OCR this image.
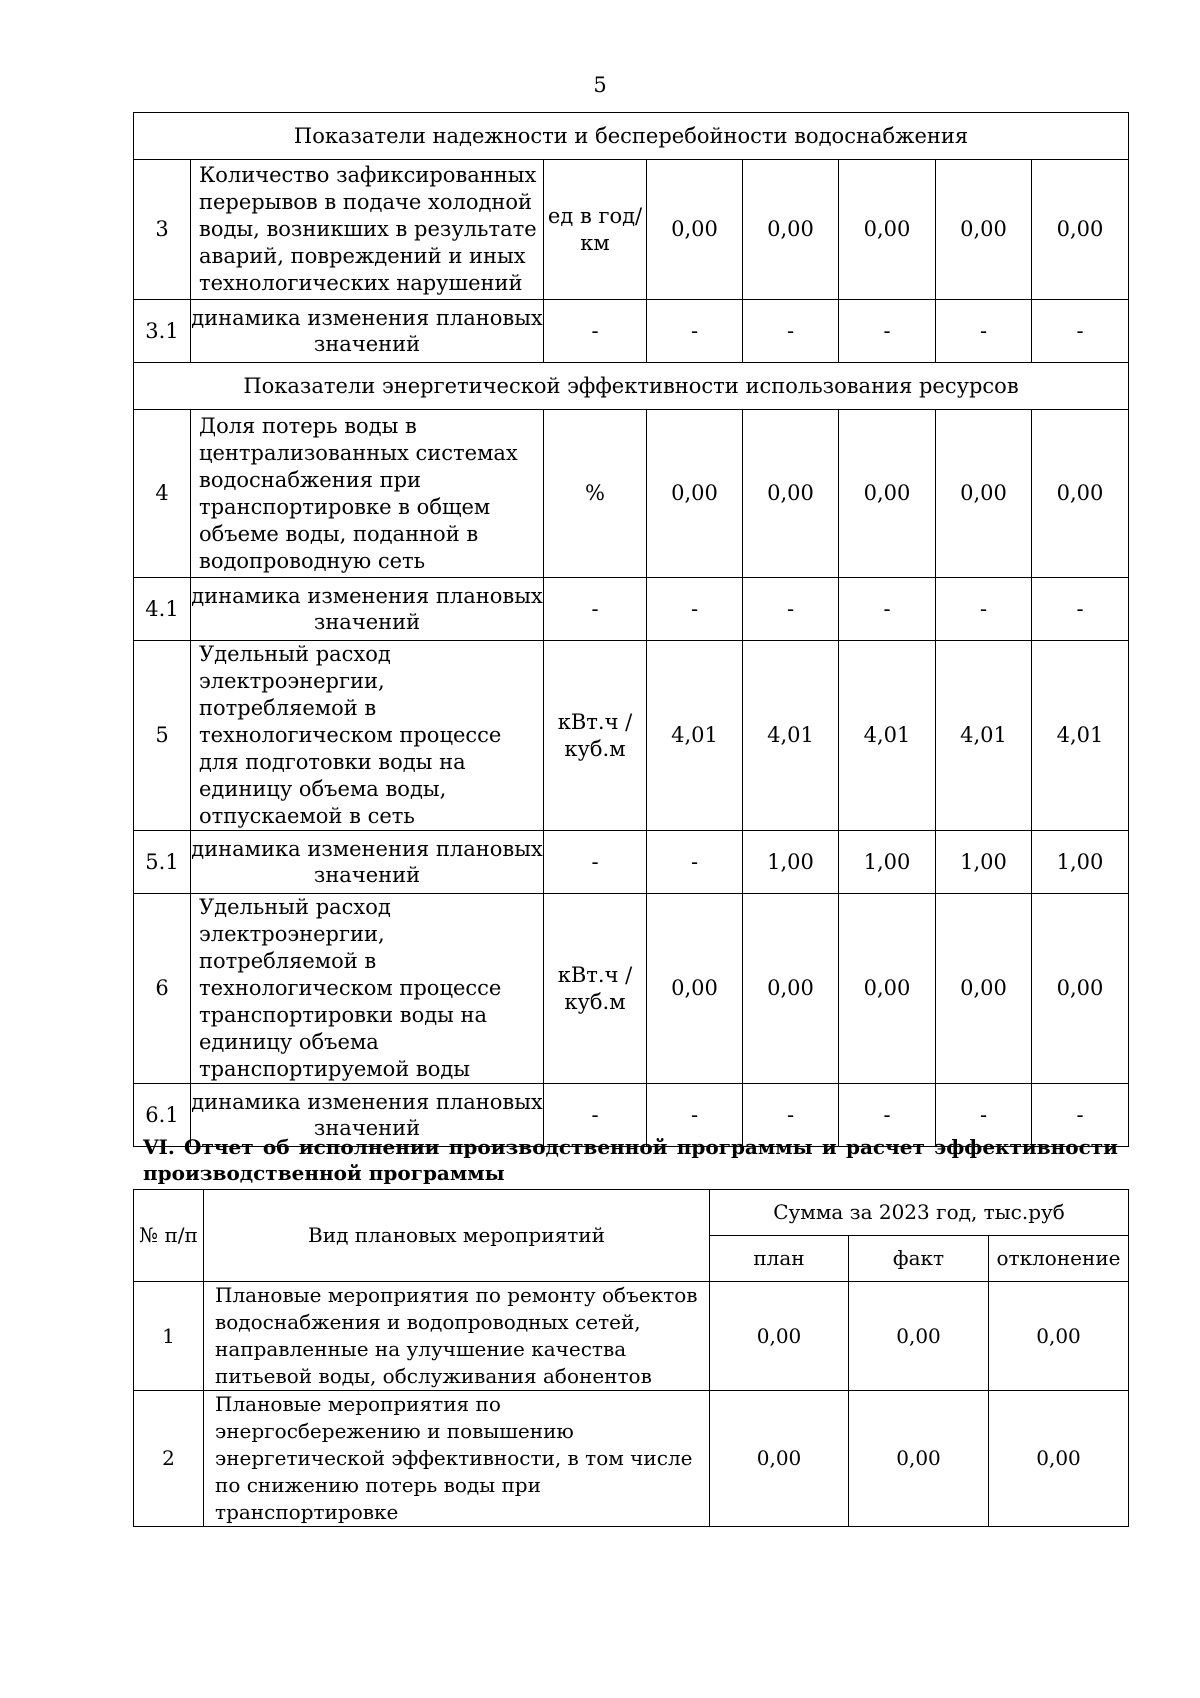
5
Показатели надежности и бесперебойности водоснабжения							
3	Количество зафиксированных перерывов в подаче холодной воды, возникших в результате аварий, повреждений и иных технологических нарушений	ед в год/ км	0,00	0,00	0,00	0,00	0,00
3.1	динамика изменения плановых значений	-	-	-	-	-	-
Показатели энергетической эффективности использования ресурсов							
4	Доля потерь воды в централизованных системах водоснабжения при транспортировке в общем объеме воды, поданной в водопроводную сеть	%	0,00	0,00	0,00	0,00	0,00
4.1	динамика изменения плановых значений	-	-	-	-	-	-
5	Удельный расход электроэнергии, потребляемой в технологическом процессе для подготовки воды на единицу объема воды, отпускаемой в сеть	кВт.ч / куб.м	4,01	4,01	4,01	4,01	4,01
5.1	динамика изменения плановых значений	-	-	1,00	1,00	1,00	1,00
6	Удельный расход электроэнергии, потребляемой в технологическом процессе транспортировки воды на единицу объема транспортируемой воды	кВт.ч / куб.м	0,00	0,00	0,00	0,00	0,00
6.1	динамика изменения плановых значений	-	-	-	-	-	-
VI. Отчет об исполнении производственной программы и расчет эффективности производственной программы
№ п/п	Вид плановых мероприятий	Сумма за 2023 год, тыс.руб		
		план	факт	отклонение
1	Плановые мероприятия по ремонту объектов водоснабжения и водопроводных сетей, направленные на улучшение качества питьевой воды, обслуживания абонентов	0,00	0,00	0,00
2	Плановые мероприятия по энергосбережению и повышению энергетической эффективности, в том числе по снижению потерь воды при транспортировке	0,00	0,00	0,00
